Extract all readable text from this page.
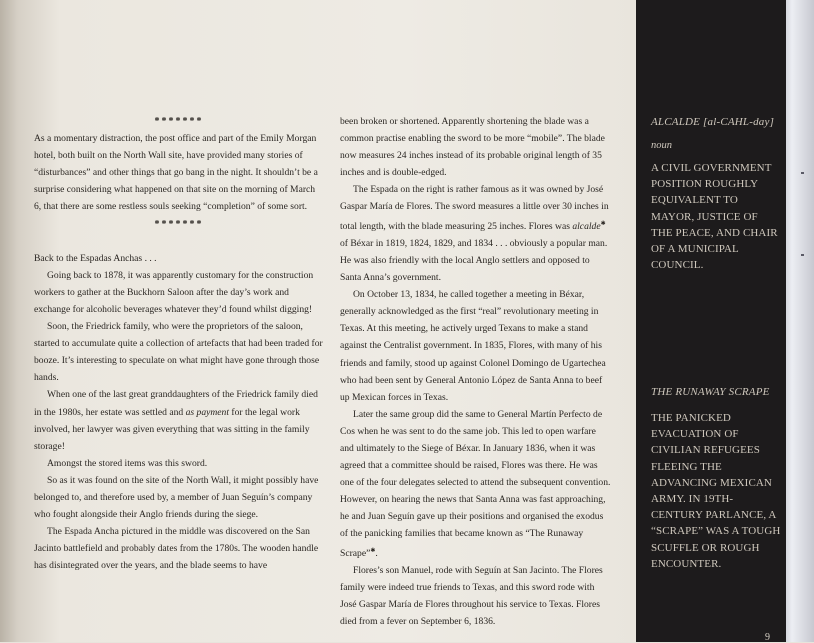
*******

As a momentary distraction, the post office and part of the Emily Morgan hotel, both built on the North Wall site, have provided many stories of “disturbances” and other things that go bang in the night. It shouldn’t be a surprise considering what happened on that site on the morning of March 6, that there are some restless souls seeking “completion” of some sort.

*******

Back to the Espadas Anchas . . .

Going back to 1878, it was apparently customary for the construction workers to gather at the Buckhorn Saloon after the day’s work and exchange for alcoholic beverages whatever they’d found whilst digging!

Soon, the Friedrick family, who were the proprietors of the saloon, started to accumulate quite a collection of artefacts that had been traded for booze. It’s interesting to speculate on what might have gone through those hands.

When one of the last great granddaughters of the Friedrick family died in the 1980s, her estate was settled and as payment for the legal work involved, her lawyer was given everything that was sitting in the family storage!

Amongst the stored items was this sword.

So as it was found on the site of the North Wall, it might possibly have belonged to, and therefore used by, a member of Juan Seguín’s company who fought alongside their Anglo friends during the siege.

The Espada Ancha pictured in the middle was discovered on the San Jacinto battlefield and probably dates from the 1780s. The wooden handle has disintegrated over the years, and the blade seems to have

been broken or shortened. Apparently shortening the blade was a common practise enabling the sword to be more “mobile”. The blade now measures 24 inches instead of its probable original length of 35 inches and is double-edged.

The Espada on the right is rather famous as it was owned by José Gaspar María de Flores. The sword measures a little over 30 inches in total length, with the blade measuring 25 inches. Flores was alcalde✱ of Béxar in 1819, 1824, 1829, and 1834 . . . obviously a popular man. He was also friendly with the local Anglo settlers and opposed to Santa Anna’s government.

On October 13, 1834, he called together a meeting in Béxar, generally acknowledged as the first “real” revolutionary meeting in Texas. At this meeting, he actively urged Texans to make a stand against the Centralist government. In 1835, Flores, with many of his friends and family, stood up against Colonel Domingo de Ugartechea who had been sent by General Antonio López de Santa Anna to beef up Mexican forces in Texas.

Later the same group did the same to General Martín Perfecto de Cos when he was sent to do the same job. This led to open warfare and ultimately to the Siege of Béxar. In January 1836, when it was agreed that a committee should be raised, Flores was there. He was one of the four delegates selected to attend the subsequent convention. However, on hearing the news that Santa Anna was fast approaching, he and Juan Seguín gave up their positions and organised the exodus of the panicking families that became known as “The Runaway Scrape”✱.

Flores’s son Manuel, rode with Seguín at San Jacinto. The Flores family were indeed true friends to Texas, and this sword rode with José Gaspar María de Flores throughout his service to Texas. Flores died from a fever on September 6, 1836.

ALCALDE [al-CAHL-day]
noun
A CIVIL GOVERNMENT POSITION ROUGHLY EQUIVALENT TO MAYOR, JUSTICE OF THE PEACE, AND CHAIR OF A MUNICIPAL COUNCIL.
THE RUNAWAY SCRAPE
THE PANICKED EVACUATION OF CIVILIAN REFUGEES FLEEING THE ADVANCING MEXICAN ARMY. IN 19TH-CENTURY PARLANCE, A “SCRAPE” WAS A TOUGH SCUFFLE OR ROUGH ENCOUNTER.
9
